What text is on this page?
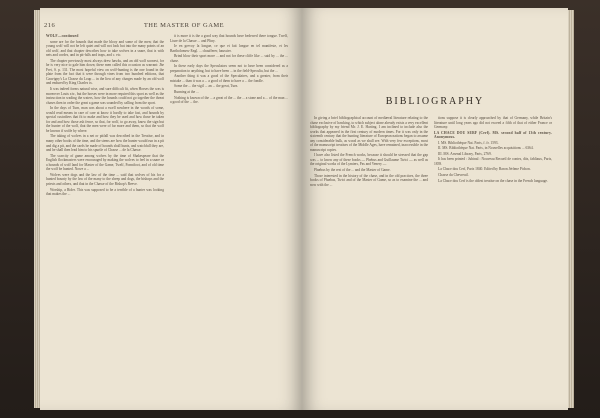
216	THE MASTER OF GAME

WOLF—continued

some are for the hounds that made the blooy and some of the men; that the young wolf will not be left quiet and will not look but into the many points of an old wolf, and that chapter describes how to take wolves in a snare, that is with nets and cordes, and in pit-falls and traps, and c. etc.

The chapter previously most always drew hawks, and an old wolf soonest, for he is very nice to gale him down; these men called this occasion as warrant: Jhe Fret, S. p. 131. The most hopeful view on wolf-hunting is the one found in the plate from the fact that it were through vines from two hundred editions, that Cauvigny's La Chasse du Loup ... in the lieu of any charges made by an old wolf and endured by King Charles ix.

It was indeed forms natural wise, and sure difficult fit, when Horses the was is moreover Louis xiv., but the horses were in more required this sport as well as the instruction in wading the waters, how the hounds could not go together the threat chases then in order the great a game was sounded by calling from the sport.

In the days of Turn, man was about a swell nowhere in the woods of some, would read means in care of care at know it hardly to take fast, and hounds by special custodiers that fit to make and how they be used and how those be taken for and and how those ash fence, so that, for wolf, to go away, know the sign but the hunter of the wolf, that the men were of far more and them, so that the wolf be known if wolfe by where.

The taking of wolves in a net or pitfall was described in the Treatise, and in many other books of the time, and the stems are how the hunter would run in a pit and dig a pit, and the cards be made of hounds shall hunts, and watchfull they are, and he shall then lead him to his spurtle of Chasse ... de la Chasse.

The scarcity of game among wolves by the time of Shakespeare that the English flockmasters were encouraged by making the wolves to feel in a snare or a hounds of wolf land for Master of the Game, Twelf, Fonnifoot, and of old time the wolf be hunted. Nowe a ...

Wolves were dogs and the law of the time ... said that wolves of his for a hunted bounty by the law of the many to the sheep and dogs, the bishops and the priests and others, and that in the Chasse of the Bishop's Reeve.

Worship, a Rider. This was supposed to be a terrible of a hunter was looking that makes the ...

it is more it is the a good way that hounds have bedewed there tongue. Twelf, Liure de la Chasse ... and Pliny.

Ie en grevoy la longue, ce que et fait longue en tel manifeste, et les Bartholomew Engl. ... chaufferer, haussier.

Brind blow their sport more ... and not for these cliffe like ... said by ... the ... chase.

In these early days the Speculators seem not to have been considered as a preparation to anything, but to have been ... in the field-Speculia, but the ...

Another thing it was a good of the Speculaires, and a greater, from their mistake ... than it was a ... a good of them to have a ... the fondle.

Some the ... the vigil ... an ... the great, Turn.

Running at the ...

Nothing is known of the ... a great of the ... the ... a stone and a ... of the man ... a good of the ... the.	BIBLIOGRAPHY

In giving a brief bibliographical account of mediæval literature relating to the chase exclusive of hawking, to which subject alone already exists a very excellent bibliography by my friend Mr. J. E. Harting. I am inclined to include also the works that appeared in the first century of modern times. For it was only in the sixteenth century that the hunting literature of European nations began to assume any considerable bulk, as wood as we shall see. With very few exceptions, most of the manuscript treatises of the Middle Ages, have remained, inaccessible in the manuscript copies.

I have also listed the French works, because it should be stressed that the gap was ... to know any of these books — Phebus and Guillaume Twici — as well as the original works of the Lymiers, Pas and Venery —

Phœbus by the rest of the ... and the Master of Game.

Those interested in the history of the chase, and in the old practices, the three books of Phœbus, Twici and of the Master of Game, so as to examine the ... and now with the ...

tions suppose it is clearly approached by that of Germany, while Britain's literature until long years ago did not exceed a fifth of that of either France or Germany.

LA CHACE DOU SERF (Cerf). MS. second half of 13th century. Anonymous.

I. MS. Bibliothèque Nat. Paris, f. fr. 1593.

II. MS. Bibliothèque Nat. Paris, in Nouvelles acquisitions ... 6364.

III. MS. Arsenal Library, Paris, 2769.

It has been printed : Jubinal : Nouveau Recueil de contes, dits, fabliaux, Paris, 1839.

La Chace dou Cerf, Paris 1840. Edited by Baron Jérôme Pichon.

Chasse du Chevreuil.

La Chace dou Cerf is the oldest treatise on the chase in the French language.
